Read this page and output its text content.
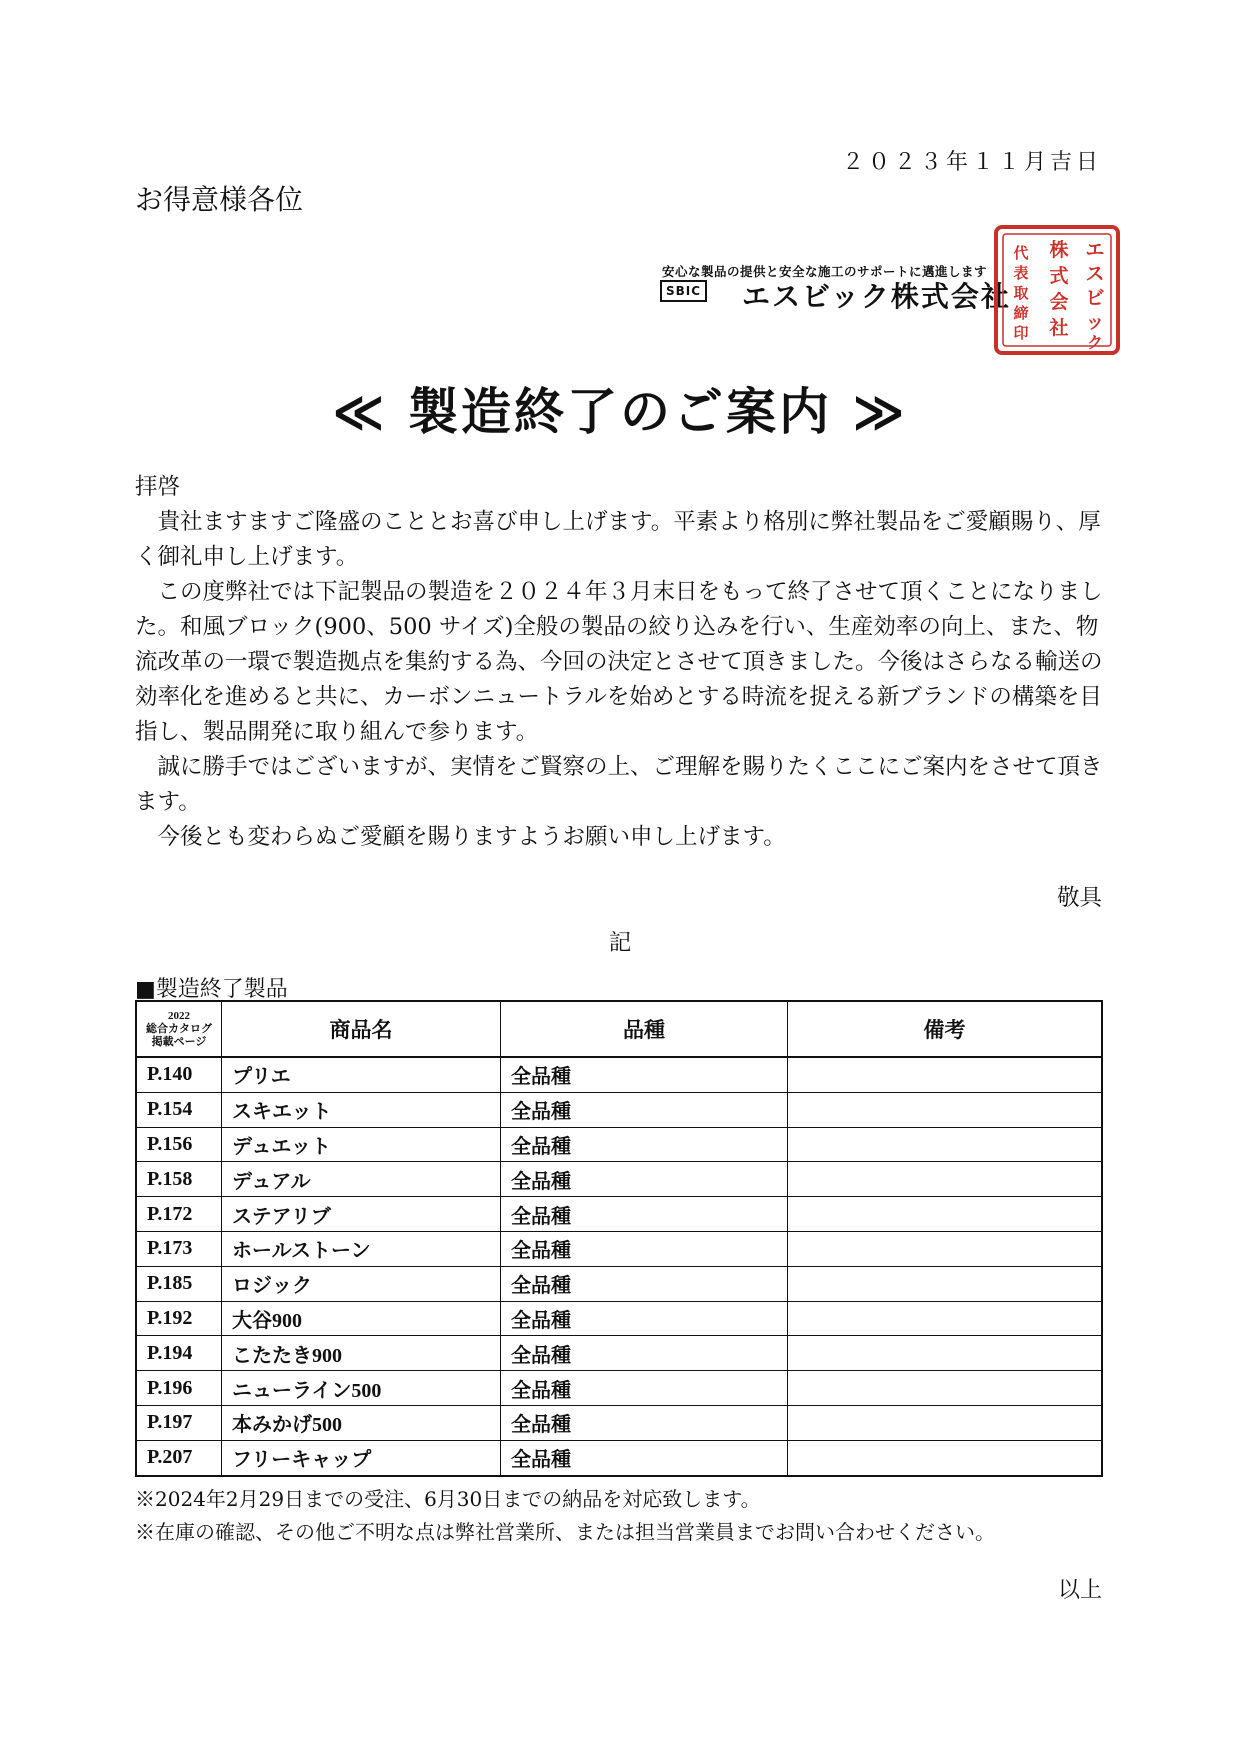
２０２３年１１月吉日
お得意様各位
安心な製品の提供と安全な施工のサポートに邁進します
SBIC エスビック株式会社
エ
ス
ビ
ッ
ク
株
式
会
社
代
表
取
締
印
≪ 製造終了のご案内 ≫

拝啓

貴社ますますご隆盛のこととお喜び申し上げます。平素より格別に弊社製品をご愛顧賜り、厚く御礼申し上げます。

この度弊社では下記製品の製造を２０２４年３月末日をもって終了させて頂くことになりました。和風ブロック(900、500 サイズ)全般の製品の絞り込みを行い、生産効率の向上、また、物流改革の一環で製造拠点を集約する為、今回の決定とさせて頂きました。今後はさらなる輸送の効率化を進めると共に、カーボンニュートラルを始めとする時流を捉える新ブランドの構築を目指し、製品開発に取り組んで参ります。

誠に勝手ではございますが、実情をご賢察の上、ご理解を賜りたくここにご案内をさせて頂きます。

今後とも変わらぬご愛顧を賜りますようお願い申し上げます。

敬具
記
■製造終了製品
2022
総合カタログ
掲載ページ	商品名	品種	備考
P.140	プリエ	全品種	
P.154	スキエット	全品種	
P.156	デュエット	全品種	
P.158	デュアル	全品種	
P.172	ステアリブ	全品種	
P.173	ホールストーン	全品種	
P.185	ロジック	全品種	
P.192	大谷900	全品種	
P.194	こたたき900	全品種	
P.196	ニューライン500	全品種	
P.197	本みかげ500	全品種	
P.207	フリーキャップ	全品種	
※2024年2月29日までの受注、6月30日までの納品を対応致します。
※在庫の確認、その他ご不明な点は弊社営業所、または担当営業員までお問い合わせください。
以上
